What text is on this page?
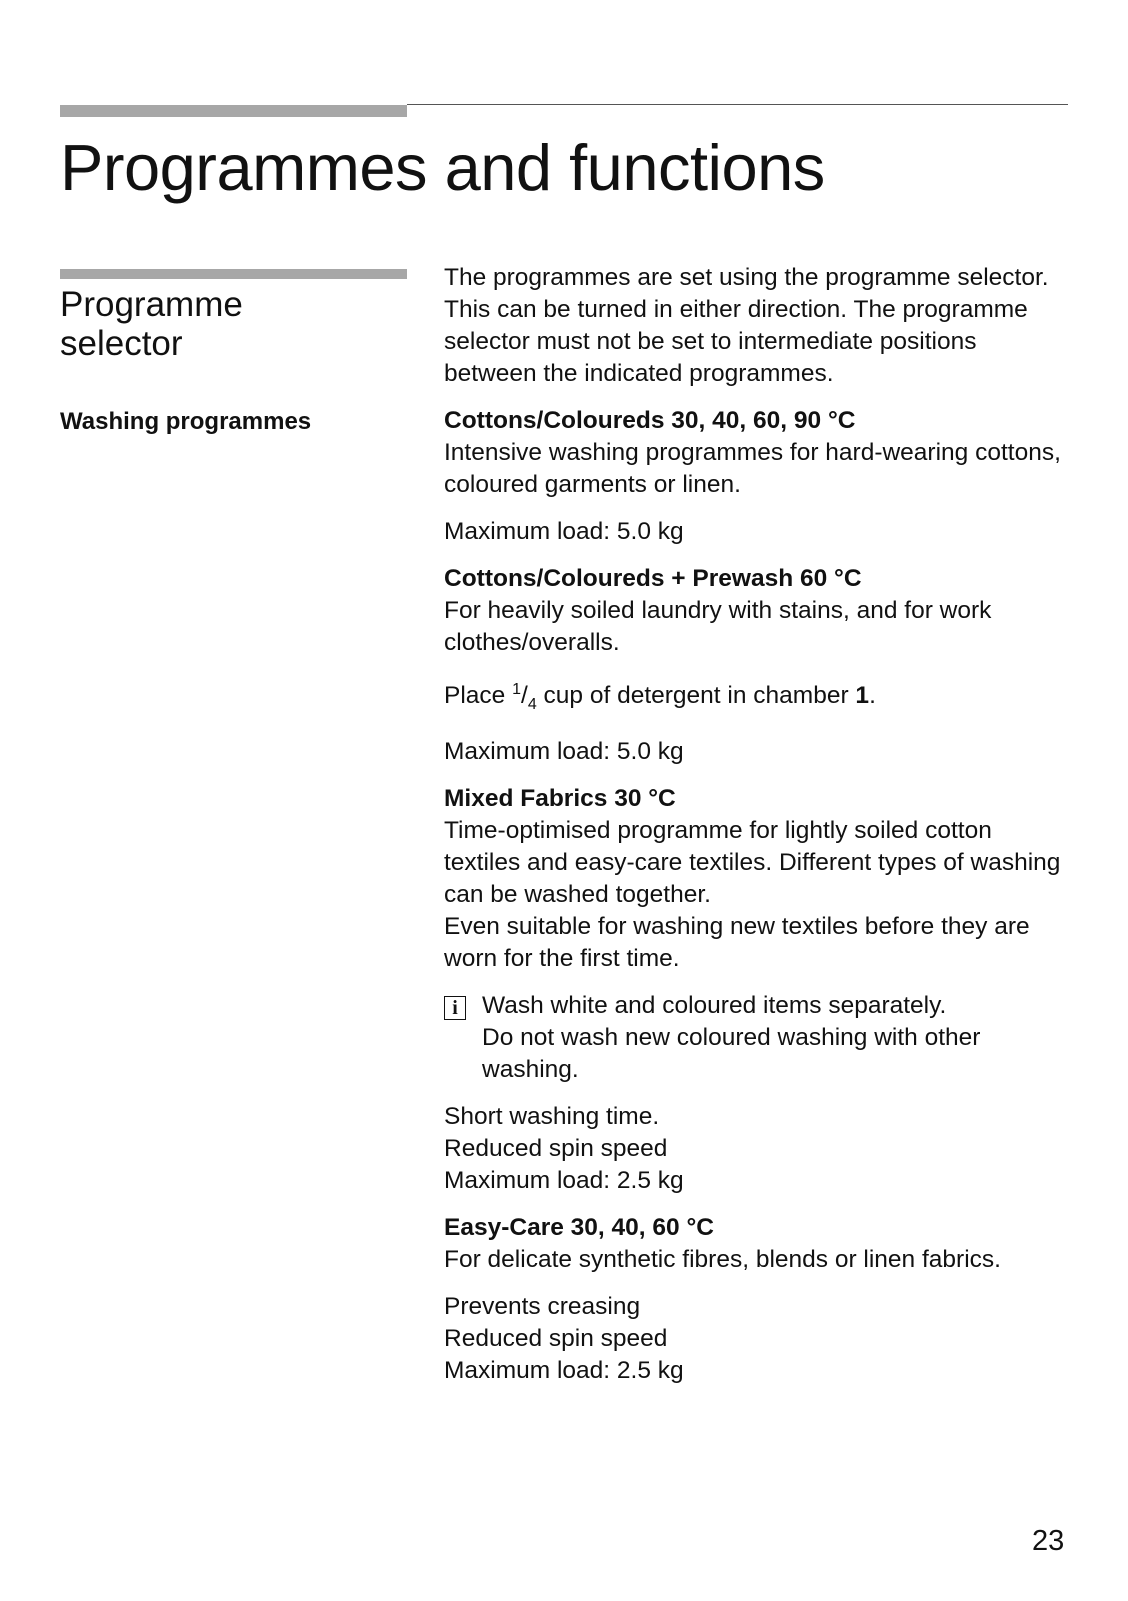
Programmes and functions
Programme
selector
Washing programmes

The programmes are set using the programme selector. This can be turned in either direction. The programme selector must not be set to intermediate positions between the indicated programmes.

Cottons/Coloureds 30, 40, 60, 90 °C
Intensive washing programmes for hard-wearing cottons, coloured garments or linen.

Maximum load: 5.0 kg

Cottons/Coloureds + Prewash 60 °C
For heavily soiled laundry with stains, and for work clothes/overalls.

Place $^1/_4$ cup of detergent in chamber 1.

Maximum load: 5.0 kg

Mixed Fabrics 30 °C
Time-optimised programme for lightly soiled cotton textiles and easy-care textiles. Different types of washing can be washed together.

Even suitable for washing new textiles before they are worn for the first time.

i Wash white and coloured items separately.
Do not wash new coloured washing with other washing.

Short washing time.
Reduced spin speed
Maximum load: 2.5 kg

Easy-Care 30, 40, 60 °C
For delicate synthetic fibres, blends or linen fabrics.

Prevents creasing
Reduced spin speed
Maximum load: 2.5 kg

23
